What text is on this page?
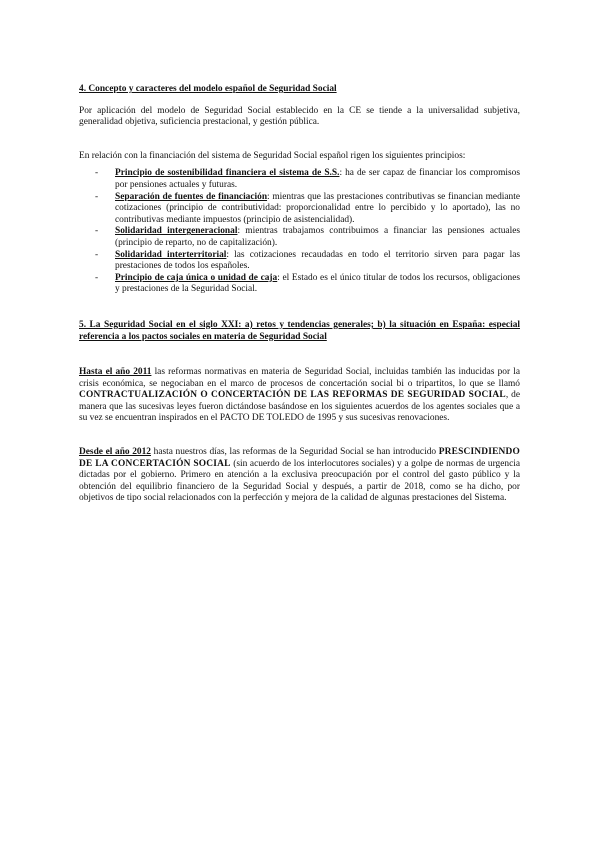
4. Concepto y caracteres del modelo español de Seguridad Social

Por aplicación del modelo de Seguridad Social establecido en la CE se tiende a la universalidad subjetiva, generalidad objetiva, suficiencia prestacional, y gestión pública.

En relación con la financiación del sistema de Seguridad Social español rigen los siguientes principios:

- Principio de sostenibilidad financiera el sistema de S.S.: ha de ser capaz de financiar los compromisos por pensiones actuales y futuras.
- Separación de fuentes de financiación: mientras que las prestaciones contributivas se financian mediante cotizaciones (principio de contributividad: proporcionalidad entre lo percibido y lo aportado), las no contributivas mediante impuestos (principio de asistencialidad).
- Solidaridad intergeneracional: mientras trabajamos contribuimos a financiar las pensiones actuales (principio de reparto, no de capitalización).
- Solidaridad interterritorial: las cotizaciones recaudadas en todo el territorio sirven para pagar las prestaciones de todos los españoles.
- Principio de caja única o unidad de caja: el Estado es el único titular de todos los recursos, obligaciones y prestaciones de la Seguridad Social.

5. La Seguridad Social en el siglo XXI: a) retos y tendencias generales; b) la situación en España: especial referencia a los pactos sociales en materia de Seguridad Social

Hasta el año 2011 las reformas normativas en materia de Seguridad Social, incluidas también las inducidas por la crisis económica, se negociaban en el marco de procesos de concertación social bi o tripartitos, lo que se llamó CONTRACTUALIZACIÓN O CONCERTACIÓN DE LAS REFORMAS DE SEGURIDAD SOCIAL, de manera que las sucesivas leyes fueron dictándose basándose en los siguientes acuerdos de los agentes sociales que a su vez se encuentran inspirados en el PACTO DE TOLEDO de 1995 y sus sucesivas renovaciones.

Desde el año 2012 hasta nuestros días, las reformas de la Seguridad Social se han introducido PRESCINDIENDO DE LA CONCERTACIÓN SOCIAL (sin acuerdo de los interlocutores sociales) y a golpe de normas de urgencia dictadas por el gobierno. Primero en atención a la exclusiva preocupación por el control del gasto público y la obtención del equilibrio financiero de la Seguridad Social y después, a partir de 2018, como se ha dicho, por objetivos de tipo social relacionados con la perfección y mejora de la calidad de algunas prestaciones del Sistema.
